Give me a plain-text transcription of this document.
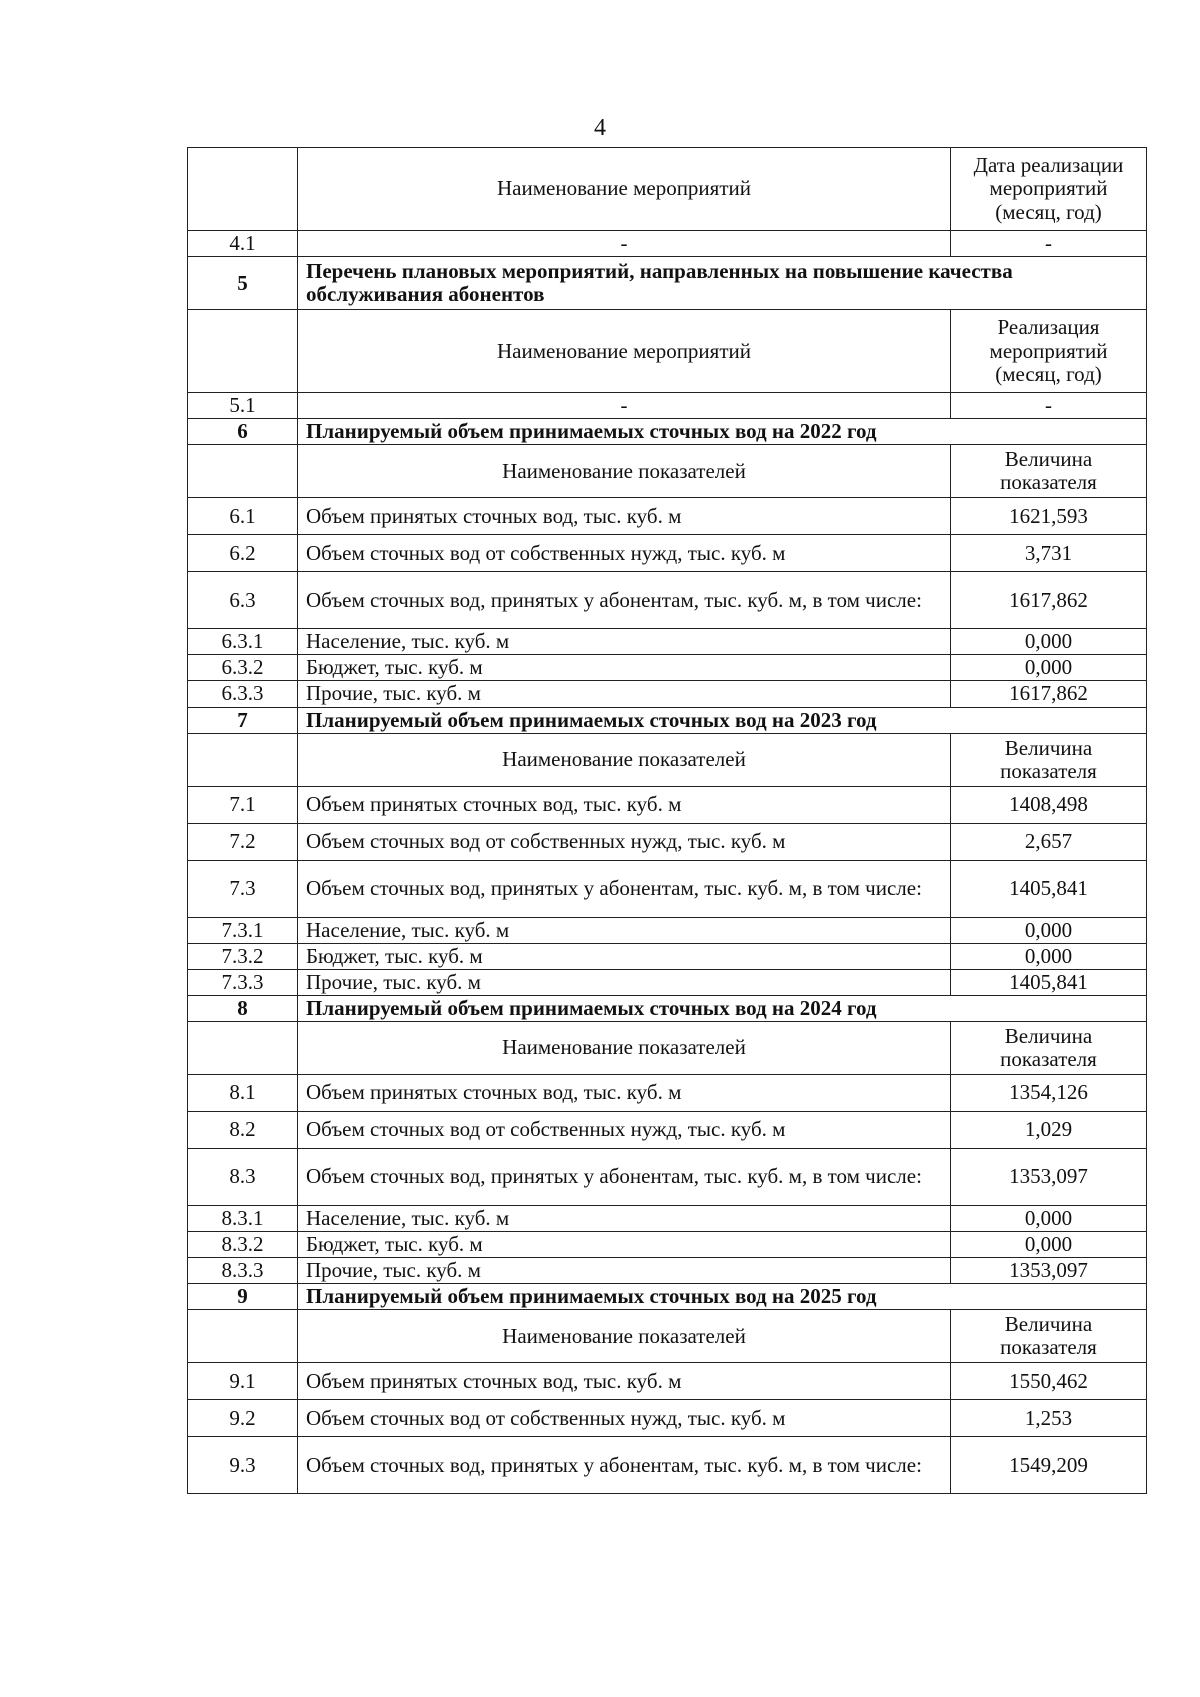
4
	Наименование мероприятий	Дата реализации мероприятий (месяц, год)
4.1	-	-
5	Перечень плановых мероприятий, направленных на повышение качества обслуживания абонентов	
	Наименование мероприятий	Реализация мероприятий (месяц, год)
5.1	-	-
6	Планируемый объем принимаемых сточных вод на 2022 год	
	Наименование показателей	Величина показателя
6.1	Объем принятых сточных вод, тыс. куб. м	1621,593
6.2	Объем сточных вод от собственных нужд, тыс. куб. м	3,731
6.3	Объем сточных вод, принятых у абонентам, тыс. куб. м, в том числе:	1617,862
6.3.1	Население, тыс. куб. м	0,000
6.3.2	Бюджет, тыс. куб. м	0,000
6.3.3	Прочие, тыс. куб. м	1617,862
7	Планируемый объем принимаемых сточных вод на 2023 год	
	Наименование показателей	Величина показателя
7.1	Объем принятых сточных вод, тыс. куб. м	1408,498
7.2	Объем сточных вод от собственных нужд, тыс. куб. м	2,657
7.3	Объем сточных вод, принятых у абонентам, тыс. куб. м, в том числе:	1405,841
7.3.1	Население, тыс. куб. м	0,000
7.3.2	Бюджет, тыс. куб. м	0,000
7.3.3	Прочие, тыс. куб. м	1405,841
8	Планируемый объем принимаемых сточных вод на 2024 год	
	Наименование показателей	Величина показателя
8.1	Объем принятых сточных вод, тыс. куб. м	1354,126
8.2	Объем сточных вод от собственных нужд, тыс. куб. м	1,029
8.3	Объем сточных вод, принятых у абонентам, тыс. куб. м, в том числе:	1353,097
8.3.1	Население, тыс. куб. м	0,000
8.3.2	Бюджет, тыс. куб. м	0,000
8.3.3	Прочие, тыс. куб. м	1353,097
9	Планируемый объем принимаемых сточных вод на 2025 год	
	Наименование показателей	Величина показателя
9.1	Объем принятых сточных вод, тыс. куб. м	1550,462
9.2	Объем сточных вод от собственных нужд, тыс. куб. м	1,253
9.3	Объем сточных вод, принятых у абонентам, тыс. куб. м, в том числе:	1549,209
